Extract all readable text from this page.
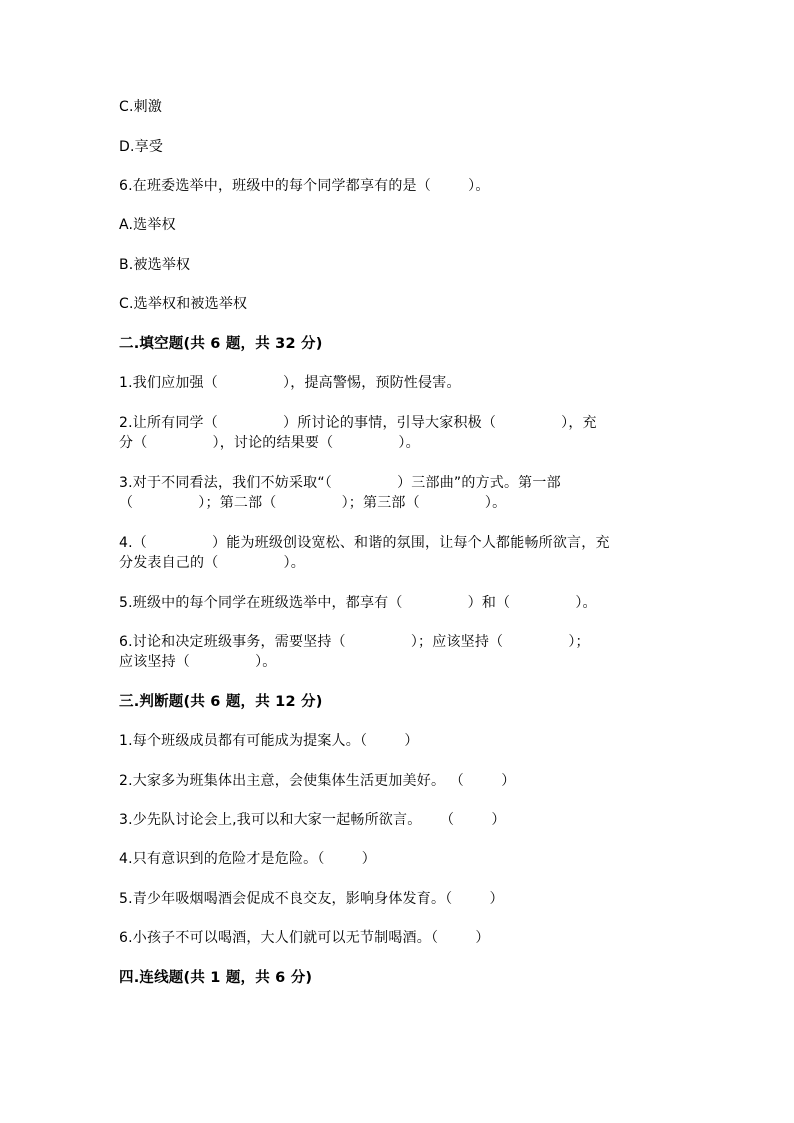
C.刺激
D.享受
6.在班委选举中，班级中的每个同学都享有的是（        ）。
A.选举权
B.被选举权
C.选举权和被选举权
二.填空题(共 6 题，共 32 分)
1.我们应加强（              ），提高警惕，预防性侵害。
2.让所有同学（              ）所讨论的事情，引导大家积极（              ），充
分（              ），讨论的结果要（              ）。
3.对于不同看法，我们不妨采取“（              ）三部曲”的方式。第一部
（              ）；第二部（              ）；第三部（              ）。
4.（              ）能为班级创设宽松、和谐的氛围，让每个人都能畅所欲言，充
分发表自己的（              ）。
5.班级中的每个同学在班级选举中，都享有（              ）和（              ）。
6.讨论和决定班级事务，需要坚持（              ）；应该坚持（              ）；
应该坚持（              ）。
三.判断题(共 6 题，共 12 分)
1.每个班级成员都有可能成为提案人。（        ）
2.大家多为班集体出主意，会使集体生活更加美好。 （        ）
3.少先队讨论会上,我可以和大家一起畅所欲言。    （        ）
4.只有意识到的危险才是危险。（        ）
5.青少年吸烟喝酒会促成不良交友，影响身体发育。（        ）
6.小孩子不可以喝酒，大人们就可以无节制喝酒。（        ）
四.连线题(共 1 题，共 6 分)
